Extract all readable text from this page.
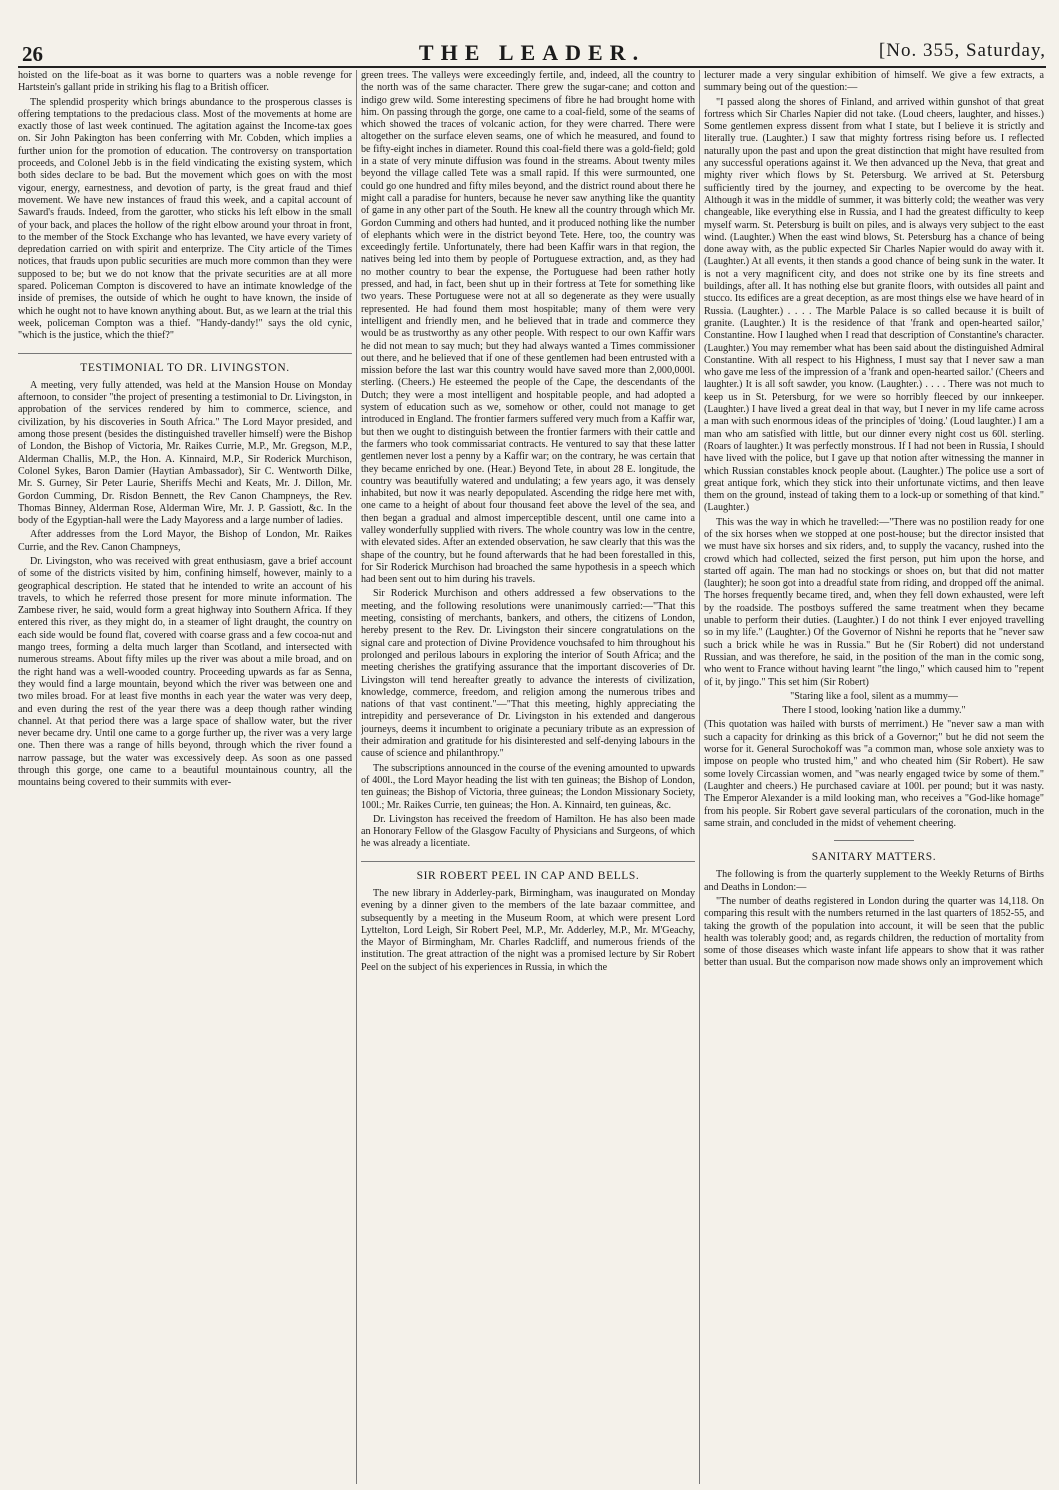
26	THE LEADER.	[No. 355, Saturday,

hoisted on the life-boat as it was borne to quarters was a noble revenge for Hartstein's gallant pride in striking his flag to a British officer.

The splendid prosperity which brings abundance to the prosperous classes is offering temptations to the predacious class. Most of the movements at home are exactly those of last week continued. The agitation against the Income-tax goes on. Sir John Pakington has been conferring with Mr. Cobden, which implies a further union for the promotion of education. The controversy on transportation proceeds, and Colonel Jebb is in the field vindicating the existing system, which both sides declare to be bad. But the movement which goes on with the most vigour, energy, earnestness, and devotion of party, is the great fraud and thief movement. We have new instances of fraud this week, and a capital account of Saward's frauds. Indeed, from the garotter, who sticks his left elbow in the small of your back, and places the hollow of the right elbow around your throat in front, to the member of the Stock Exchange who has levanted, we have every variety of depredation carried on with spirit and enterprize. The City article of the Times notices, that frauds upon public securities are much more common than they were supposed to be; but we do not know that the private securities are at all more spared. Policeman Compton is discovered to have an intimate knowledge of the inside of premises, the outside of which he ought to have known, the inside of which he ought not to have known anything about. But, as we learn at the trial this week, policeman Compton was a thief. "Handy-dandy!" says the old cynic, "which is the justice, which the thief?"

TESTIMONIAL TO DR. LIVINGSTON.

A meeting, very fully attended, was held at the Mansion House on Monday afternoon, to consider "the project of presenting a testimonial to Dr. Livingston, in approbation of the services rendered by him to commerce, science, and civilization, by his discoveries in South Africa." The Lord Mayor presided, and among those present (besides the distinguished traveller himself) were the Bishop of London, the Bishop of Victoria, Mr. Raikes Currie, M.P., Mr. Gregson, M.P., Alderman Challis, M.P., the Hon. A. Kinnaird, M.P., Sir Roderick Murchison, Colonel Sykes, Baron Damier (Haytian Ambassador), Sir C. Wentworth Dilke, Mr. S. Gurney, Sir Peter Laurie, Sheriffs Mechi and Keats, Mr. J. Dillon, Mr. Gordon Cumming, Dr. Risdon Bennett, the Rev Canon Champneys, the Rev. Thomas Binney, Alderman Rose, Alderman Wire, Mr. J. P. Gassiott, &c. In the body of the Egyptian-hall were the Lady Mayoress and a large number of ladies.

After addresses from the Lord Mayor, the Bishop of London, Mr. Raikes Currie, and the Rev. Canon Champneys,

Dr. Livingston, who was received with great enthusiasm, gave a brief account of some of the districts visited by him, confining himself, however, mainly to a geographical description. He stated that he intended to write an account of his travels, to which he referred those present for more minute information. The Zambese river, he said, would form a great highway into Southern Africa. If they entered this river, as they might do, in a steamer of light draught, the country on each side would be found flat, covered with coarse grass and a few cocoa-nut and mango trees, forming a delta much larger than Scotland, and intersected with numerous streams. About fifty miles up the river was about a mile broad, and on the right hand was a well-wooded country. Proceeding upwards as far as Senna, they would find a large mountain, beyond which the river was between one and two miles broad. For at least five months in each year the water was very deep, and even during the rest of the year there was a deep though rather winding channel. At that period there was a large space of shallow water, but the river never became dry. Until one came to a gorge further up, the river was a very large one. Then there was a range of hills beyond, through which the river found a narrow passage, but the water was excessively deep. As soon as one passed through this gorge, one came to a beautiful mountainous country, all the mountains being covered to their summits with ever-

green trees. The valleys were exceedingly fertile, and, indeed, all the country to the north was of the same character. There grew the sugar-cane; and cotton and indigo grew wild. Some interesting specimens of fibre he had brought home with him. On passing through the gorge, one came to a coal-field, some of the seams of which showed the traces of volcanic action, for they were charred. There were altogether on the surface eleven seams, one of which he measured, and found to be fifty-eight inches in diameter. Round this coal-field there was a gold-field; gold in a state of very minute diffusion was found in the streams. About twenty miles beyond the village called Tete was a small rapid. If this were surmounted, one could go one hundred and fifty miles beyond, and the district round about there he might call a paradise for hunters, because he never saw anything like the quantity of game in any other part of the South. He knew all the country through which Mr. Gordon Cumming and others had hunted, and it produced nothing like the number of elephants which were in the district beyond Tete. Here, too, the country was exceedingly fertile. Unfortunately, there had been Kaffir wars in that region, the natives being led into them by people of Portuguese extraction, and, as they had no mother country to bear the expense, the Portuguese had been rather hotly pressed, and had, in fact, been shut up in their fortress at Tete for something like two years. These Portuguese were not at all so degenerate as they were usually represented. He had found them most hospitable; many of them were very intelligent and friendly men, and he believed that in trade and commerce they would be as trustworthy as any other people. With respect to our own Kaffir wars he did not mean to say much; but they had always wanted a Times commissioner out there, and he believed that if one of these gentlemen had been entrusted with a mission before the last war this country would have saved more than 2,000,000l. sterling. (Cheers.) He esteemed the people of the Cape, the descendants of the Dutch; they were a most intelligent and hospitable people, and had adopted a system of education such as we, somehow or other, could not manage to get introduced in England. The frontier farmers suffered very much from a Kaffir war, but then we ought to distinguish between the frontier farmers with their cattle and the farmers who took commissariat contracts. He ventured to say that these latter gentlemen never lost a penny by a Kaffir war; on the contrary, he was certain that they became enriched by one. (Hear.) Beyond Tete, in about 28 E. longitude, the country was beautifully watered and undulating; a few years ago, it was densely inhabited, but now it was nearly depopulated. Ascending the ridge here met with, one came to a height of about four thousand feet above the level of the sea, and then began a gradual and almost imperceptible descent, until one came into a valley wonderfully supplied with rivers. The whole country was low in the centre, with elevated sides. After an extended observation, he saw clearly that this was the shape of the country, but he found afterwards that he had been forestalled in this, for Sir Roderick Murchison had broached the same hypothesis in a speech which had been sent out to him during his travels.

Sir Roderick Murchison and others addressed a few observations to the meeting, and the following resolutions were unanimously carried:—"That this meeting, consisting of merchants, bankers, and others, the citizens of London, hereby present to the Rev. Dr. Livingston their sincere congratulations on the signal care and protection of Divine Providence vouchsafed to him throughout his prolonged and perilous labours in exploring the interior of South Africa; and the meeting cherishes the gratifying assurance that the important discoveries of Dr. Livingston will tend hereafter greatly to advance the interests of civilization, knowledge, commerce, freedom, and religion among the numerous tribes and nations of that vast continent."—"That this meeting, highly appreciating the intrepidity and perseverance of Dr. Livingston in his extended and dangerous journeys, deems it incumbent to originate a pecuniary tribute as an expression of their admiration and gratitude for his disinterested and self-denying labours in the cause of science and philanthropy."

The subscriptions announced in the course of the evening amounted to upwards of 400l., the Lord Mayor heading the list with ten guineas; the Bishop of London, ten guineas; the Bishop of Victoria, three guineas; the London Missionary Society, 100l.; Mr. Raikes Currie, ten guineas; the Hon. A. Kinnaird, ten guineas, &c.

Dr. Livingston has received the freedom of Hamilton. He has also been made an Honorary Fellow of the Glasgow Faculty of Physicians and Surgeons, of which he was already a licentiate.

SIR ROBERT PEEL IN CAP AND BELLS.

The new library in Adderley-park, Birmingham, was inaugurated on Monday evening by a dinner given to the members of the late bazaar committee, and subsequently by a meeting in the Museum Room, at which were present Lord Lyttelton, Lord Leigh, Sir Robert Peel, M.P., Mr. Adderley, M.P., Mr. M'Geachy, the Mayor of Birmingham, Mr. Charles Radcliff, and numerous friends of the institution. The great attraction of the night was a promised lecture by Sir Robert Peel on the subject of his experiences in Russia, in which the

lecturer made a very singular exhibition of himself. We give a few extracts, a summary being out of the question:—

"I passed along the shores of Finland, and arrived within gunshot of that great fortress which Sir Charles Napier did not take. (Loud cheers, laughter, and hisses.) Some gentlemen express dissent from what I state, but I believe it is strictly and literally true. (Laughter.) I saw that mighty fortress rising before us. I reflected naturally upon the past and upon the great distinction that might have resulted from any successful operations against it. We then advanced up the Neva, that great and mighty river which flows by St. Petersburg. We arrived at St. Petersburg sufficiently tired by the journey, and expecting to be overcome by the heat. Although it was in the middle of summer, it was bitterly cold; the weather was very changeable, like everything else in Russia, and I had the greatest difficulty to keep myself warm. St. Petersburg is built on piles, and is always very subject to the east wind. (Laughter.) When the east wind blows, St. Petersburg has a chance of being done away with, as the public expected Sir Charles Napier would do away with it. (Laughter.) At all events, it then stands a good chance of being sunk in the water. It is not a very magnificent city, and does not strike one by its fine streets and buildings, after all. It has nothing else but granite floors, with outsides all paint and stucco. Its edifices are a great deception, as are most things else we have heard of in Russia. (Laughter.) . . . . The Marble Palace is so called because it is built of granite. (Laughter.) It is the residence of that 'frank and open-hearted sailor,' Constantine. How I laughed when I read that description of Constantine's character. (Laughter.) You may remember what has been said about the distinguished Admiral Constantine. With all respect to his Highness, I must say that I never saw a man who gave me less of the impression of a 'frank and open-hearted sailor.' (Cheers and laughter.) It is all soft sawder, you know. (Laughter.) . . . . There was not much to keep us in St. Petersburg, for we were so horribly fleeced by our innkeeper. (Laughter.) I have lived a great deal in that way, but I never in my life came across a man with such enormous ideas of the principles of 'doing.' (Loud laughter.) I am a man who am satisfied with little, but our dinner every night cost us 60l. sterling. (Roars of laughter.) It was perfectly monstrous. If I had not been in Russia, I should have lived with the police, but I gave up that notion after witnessing the manner in which Russian constables knock people about. (Laughter.) The police use a sort of great antique fork, which they stick into their unfortunate victims, and then leave them on the ground, instead of taking them to a lock-up or something of that kind." (Laughter.)

This was the way in which he travelled:—"There was no postilion ready for one of the six horses when we stopped at one post-house; but the director insisted that we must have six horses and six riders, and, to supply the vacancy, rushed into the crowd which had collected, seized the first person, put him upon the horse, and started off again. The man had no stockings or shoes on, but that did not matter (laughter); he soon got into a dreadful state from riding, and dropped off the animal. The horses frequently became tired, and, when they fell down exhausted, were left by the roadside. The postboys suffered the same treatment when they became unable to perform their duties. (Laughter.) I do not think I ever enjoyed travelling so in my life." (Laughter.) Of the Governor of Nishni he reports that he "never saw such a brick while he was in Russia." But he (Sir Robert) did not understand Russian, and was therefore, he said, in the position of the man in the comic song, who went to France without having learnt "the lingo," which caused him to "repent of it, by jingo." This set him (Sir Robert)

"Staring like a fool, silent as a mummy—

There I stood, looking 'nation like a dummy."

(This quotation was hailed with bursts of merriment.) He "never saw a man with such a capacity for drinking as this brick of a Governor;" but he did not seem the worse for it. General Surochokoff was "a common man, whose sole anxiety was to impose on people who trusted him," and who cheated him (Sir Robert). He saw some lovely Circassian women, and "was nearly engaged twice by some of them." (Laughter and cheers.) He purchased caviare at 100l. per pound; but it was nasty. The Emperor Alexander is a mild looking man, who receives a "God-like homage" from his people. Sir Robert gave several particulars of the coronation, much in the same strain, and concluded in the midst of vehement cheering.

SANITARY MATTERS.

The following is from the quarterly supplement to the Weekly Returns of Births and Deaths in London:—

"The number of deaths registered in London during the quarter was 14,118. On comparing this result with the numbers returned in the last quarters of 1852-55, and taking the growth of the population into account, it will be seen that the public health was tolerably good; and, as regards children, the reduction of mortality from some of those diseases which waste infant life appears to show that it was rather better than usual. But the comparison now made shows only an improvement which
